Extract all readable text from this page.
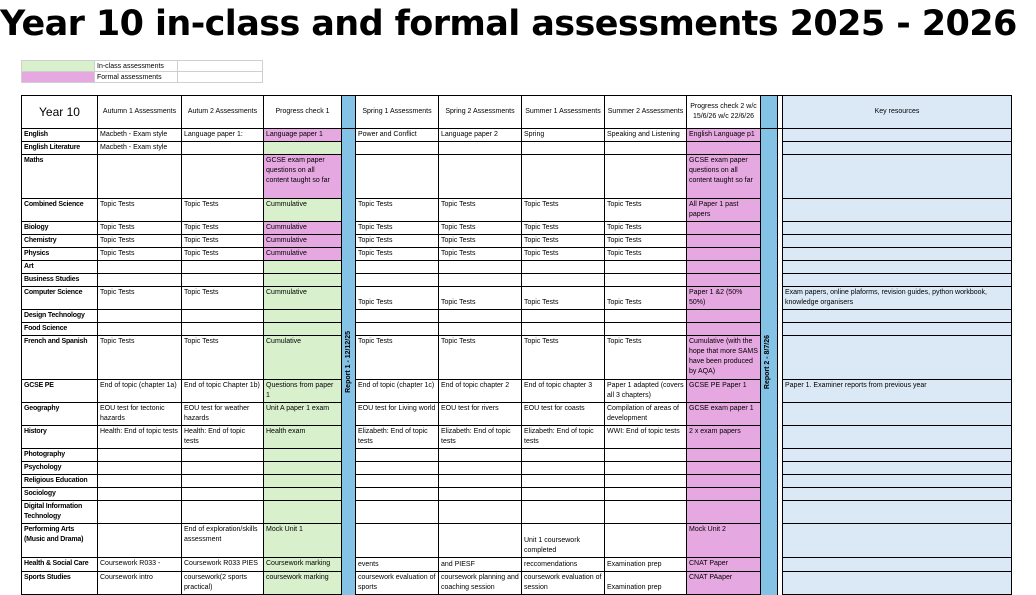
Year 10 in-class and formal assessments 2025 - 2026
	In-class assessments	
	Formal assessments	
Year 10	Autumn 1 Assessments	Autum 2 Assessments	Progress check 1		Spring 1 Assessments	Spring 2 Assessments	Summer 1 Assessments	Summer 2 Assessments	Progress check 2 w/c 15/6/26 w/c 22/6/26			Key resources
English	Macbeth - Exam style	Language paper 1:	Language paper 1	Report 1 - 12/12/25	Power and Conflict	Language paper 2	Spring	Speaking and Listening	English Language p1	Report 2 - 8/7/26		

English Literature	Macbeth - Exam style											
Maths			GCSE exam paper questions on all content taught so far						GCSE exam paper questions on all content taught so far			
Combined Science	Topic Tests	Topic Tests	Cummulative		Topic Tests	Topic Tests	Topic Tests	Topic Tests	All Paper 1 past papers			
Biology	Topic Tests	Topic Tests	Cummulative		Topic Tests	Topic Tests	Topic Tests	Topic Tests				
Chemistry	Topic Tests	Topic Tests	Cummulative		Topic Tests	Topic Tests	Topic Tests	Topic Tests				
Physics	Topic Tests	Topic Tests	Cummulative		Topic Tests	Topic Tests	Topic Tests	Topic Tests				
Art												
Business Studies												
Computer Science	Topic Tests	Topic Tests	Cummulative		Topic Tests	Topic Tests	Topic Tests	Topic Tests	Paper 1 &2 (50% 50%)			Exam papers, online plaforms, revision guides, python workbook, knowledge organisers
Design Technology												
Food Science												
French and Spanish	Topic Tests	Topic Tests	Cumulative		Topic Tests	Topic Tests	Topic Tests	Topic Tests	Cumulative (with the hope that more SAMS have been produced by AQA)			
GCSE PE	End of topic (chapter 1a)	End of topic Chapter 1b)	Questions from paper 1		End of topic (chapter 1c)	End of topic chapter 2	End of topic chapter 3	Paper 1 adapted (covers all 3 chapters)	GCSE PE Paper 1			Paper 1. Examiner reports from previous year
Geography	EOU test for tectonic hazards	EOU test for weather hazards	Unit A paper 1 exam		EOU test for Living world	EOU test for rivers	EOU test for coasts	Compilation of areas of development	GCSE exam paper 1			
History	Health: End of topic tests	Health: End of topic tests	Health exam		Elizabeth: End of topic tests	Elizabeth: End of topic tests	Elizabeth: End of topic tests	WWI: End of topic tests	2 x exam papers			
Photography												
Psychology												
Religious Education												
Sociology												
Digital Information Technology												
Performing Arts (Music and Drama)		End of exploration/skills assessment	Mock Unit 1				Unit 1 coursework completed		Mock Unit 2			
Health & Social Care	Coursework R033 -	Coursework R033 PIES	Coursework marking		events	and PIESF	reccomendations	Examination prep	CNAT Paper			
Sports Studies	Coursework intro	coursework(2 sports practical)	coursework marking		coursework evaluation of sports	coursework planning and coaching session	coursework evaluation of session	Examination prep	CNAT PAaper			
